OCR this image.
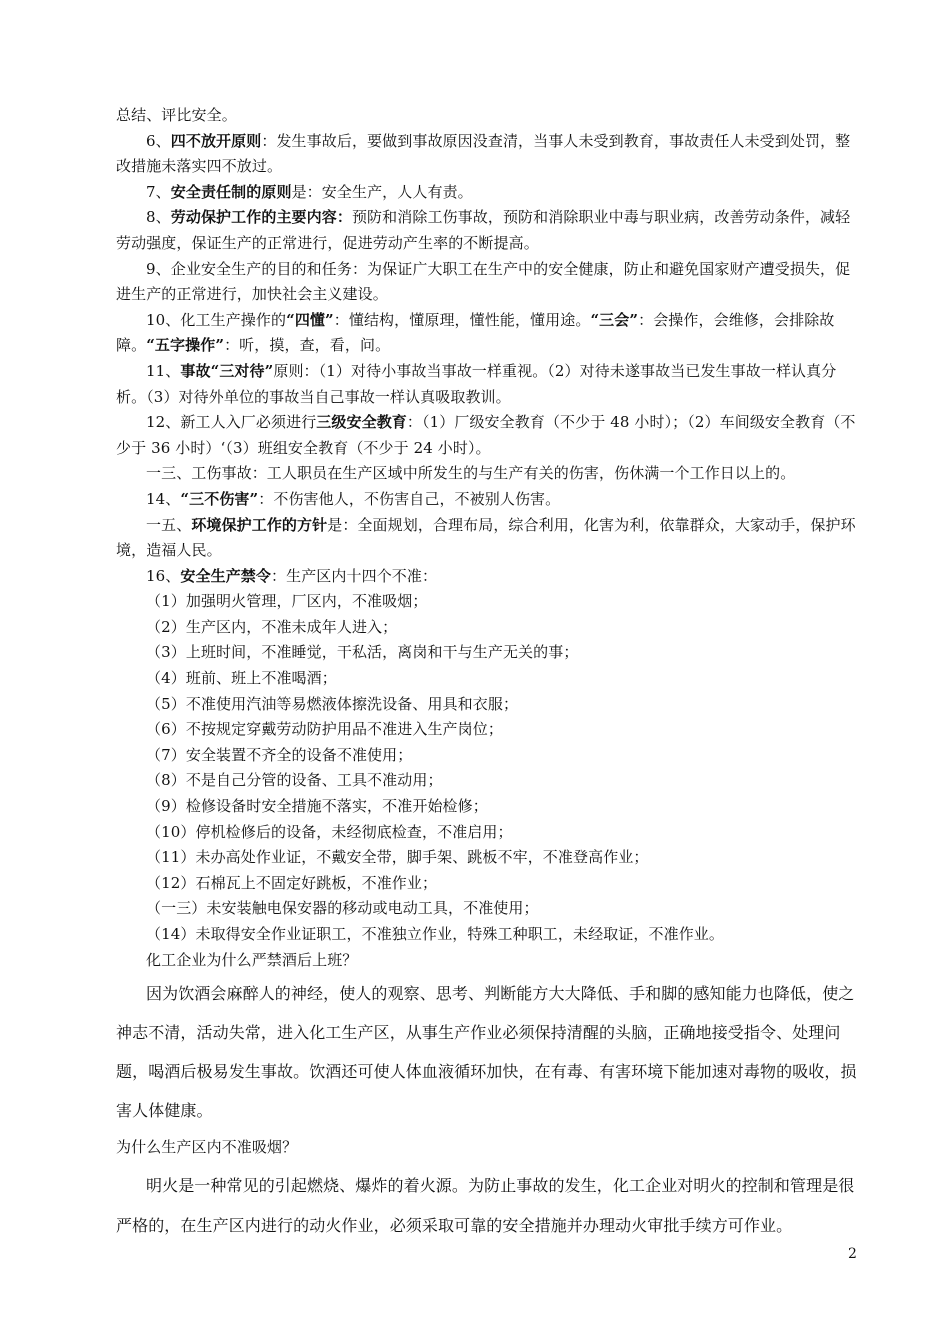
总结、评比安全。

6、四不放开原则：发生事故后，要做到事故原因没查清，当事人未受到教育，事故责任人未受到处罚，整改措施未落实四不放过。

7、安全责任制的原则是：安全生产，人人有责。

8、劳动保护工作的主要内容：预防和消除工伤事故，预防和消除职业中毒与职业病，改善劳动条件，减轻劳动强度，保证生产的正常进行，促进劳动产生率的不断提高。

9、企业安全生产的目的和任务：为保证广大职工在生产中的安全健康，防止和避免国家财产遭受损失，促进生产的正常进行，加快社会主义建设。

10、化工生产操作的“四懂”：懂结构，懂原理，懂性能，懂用途。“三会”：会操作，会维修，会排除故障。“五字操作”：听，摸，查，看，问。

11、事故“三对待”原则：（1）对待小事故当事故一样重视。（2）对待未遂事故当已发生事故一样认真分析。（3）对待外单位的事故当自己事故一样认真吸取教训。

12、新工人入厂必须进行三级安全教育：（1）厂级安全教育（不少于 48 小时）；（2）车间级安全教育（不少于 36 小时）‘（3）班组安全教育（不少于 24 小时）。

一三、工伤事故：工人职员在生产区域中所发生的与生产有关的伤害，伤休满一个工作日以上的。

14、“三不伤害”：不伤害他人，不伤害自己，不被别人伤害。

一五、环境保护工作的方针是：全面规划，合理布局，综合利用，化害为利，依靠群众，大家动手，保护环境，造福人民。

16、安全生产禁令：生产区内十四个不准：

（1）加强明火管理，厂区内，不准吸烟；

（2）生产区内，不准未成年人进入；

（3）上班时间，不准睡觉，干私活，离岗和干与生产无关的事；

（4）班前、班上不准喝酒；

（5）不准使用汽油等易燃液体擦洗设备、用具和衣服；

（6）不按规定穿戴劳动防护用品不准进入生产岗位；

（7）安全装置不齐全的设备不准使用；

（8）不是自己分管的设备、工具不准动用；

（9）检修设备时安全措施不落实，不准开始检修；

（10）停机检修后的设备，未经彻底检查，不准启用；

（11）未办高处作业证，不戴安全带，脚手架、跳板不牢，不准登高作业；

（12）石棉瓦上不固定好跳板，不准作业；

（一三）未安装触电保安器的移动或电动工具，不准使用；

（14）未取得安全作业证职工，不准独立作业，特殊工种职工，未经取证，不准作业。

化工企业为什么严禁酒后上班？

因为饮酒会麻醉人的神经，使人的观察、思考、判断能方大大降低、手和脚的感知能力也降低，使之神志不清，活动失常，进入化工生产区，从事生产作业必须保持清醒的头脑，正确地接受指令、处理问题，喝酒后极易发生事故。饮酒还可使人体血液循环加快，在有毒、有害环境下能加速对毒物的吸收，损害人体健康。

为什么生产区内不准吸烟？

明火是一种常见的引起燃烧、爆炸的着火源。为防止事故的发生，化工企业对明火的控制和管理是很严格的，在生产区内进行的动火作业，必须采取可靠的安全措施并办理动火审批手续方可作业。

2
